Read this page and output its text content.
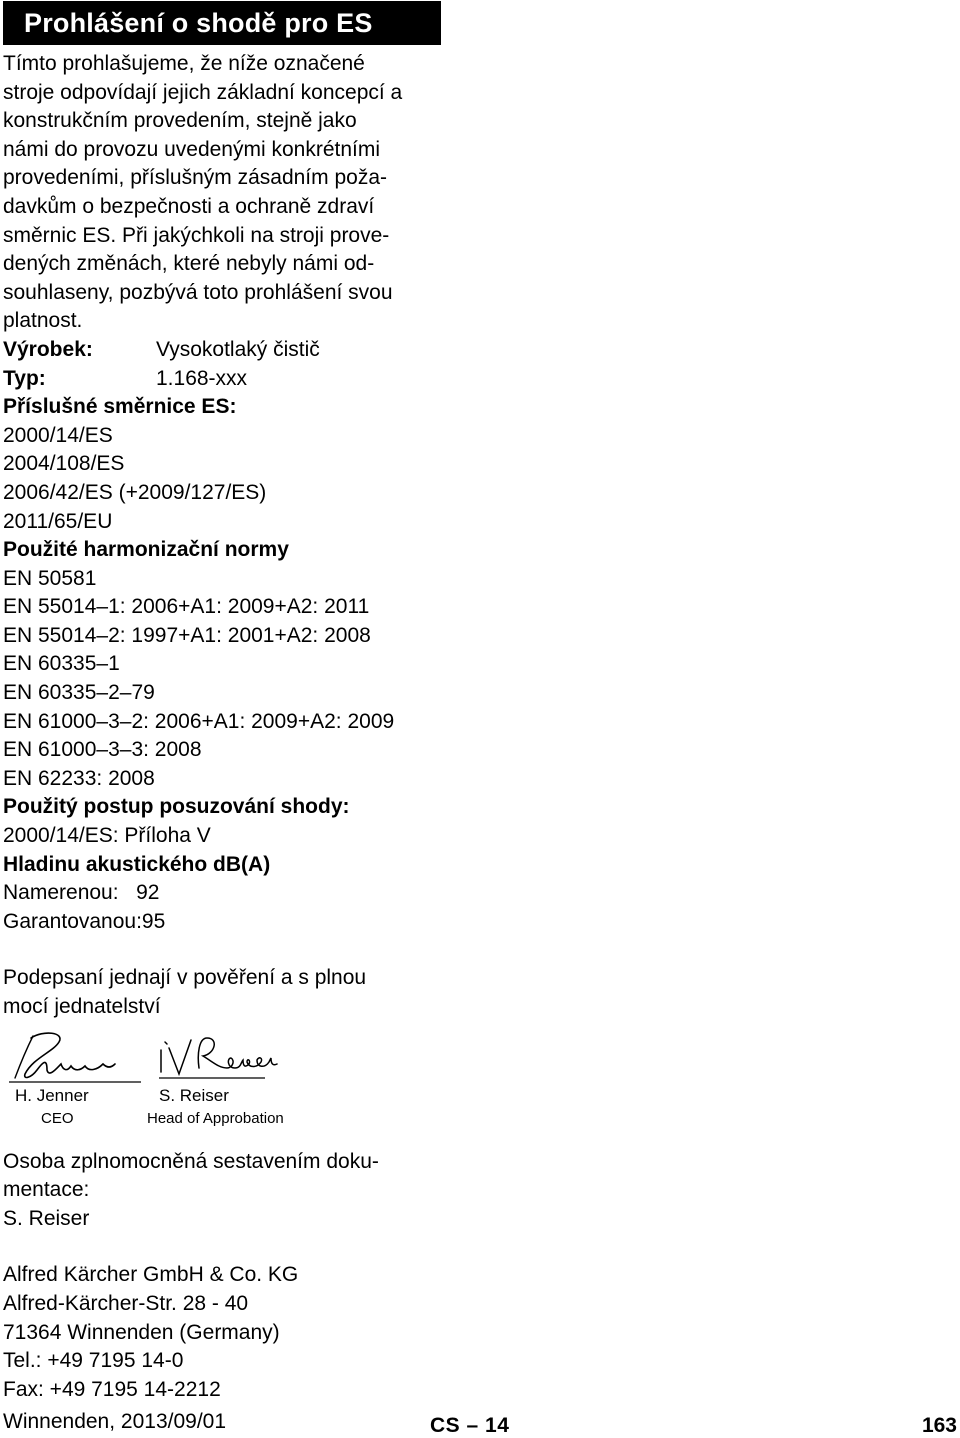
Prohlášení o shodě pro ES
Tímto prohlašujeme, že níže označené
stroje odpovídají jejich základní koncepcí a
konstrukčním provedením, stejně jako
námi do provozu uvedenými konkrétními
provedeními, příslušným zásadním poža-
davkům o bezpečnosti a ochraně zdraví
směrnic ES. Při jakýchkoli na stroji prove-
dených změnách, které nebyly námi od-
souhlaseny, pozbývá toto prohlášení svou
platnost.
Výrobek:	Vysokotlaký čistič
Typ:	1.168-xxx
Příslušné směrnice ES:
2000/14/ES
2004/108/ES
2006/42/ES (+2009/127/ES)
2011/65/EU
Použité harmonizační normy
EN 50581
EN 55014–1: 2006+A1: 2009+A2: 2011
EN 55014–2: 1997+A1: 2001+A2: 2008
EN 60335–1
EN 60335–2–79
EN 61000–3–2: 2006+A1: 2009+A2: 2009
EN 61000–3–3: 2008
EN 62233: 2008
Použitý postup posuzování shody:
2000/14/ES: Příloha V
Hladinu akustického dB(A)
Namerenou:   92
Garantovanou:95
Podepsaní jednají v pověření a s plnou
mocí jednatelství
H. Jenner
CEO
S. Reiser
Head of Approbation
Osoba zplnomocněná sestavením doku-
mentace:
S. Reiser
Alfred Kärcher GmbH & Co. KG
Alfred-Kärcher-Str. 28 - 40
71364 Winnenden (Germany)
Tel.: +49 7195 14-0
Fax: +49 7195 14-2212
Winnenden, 2013/09/01	CS – 14	163
